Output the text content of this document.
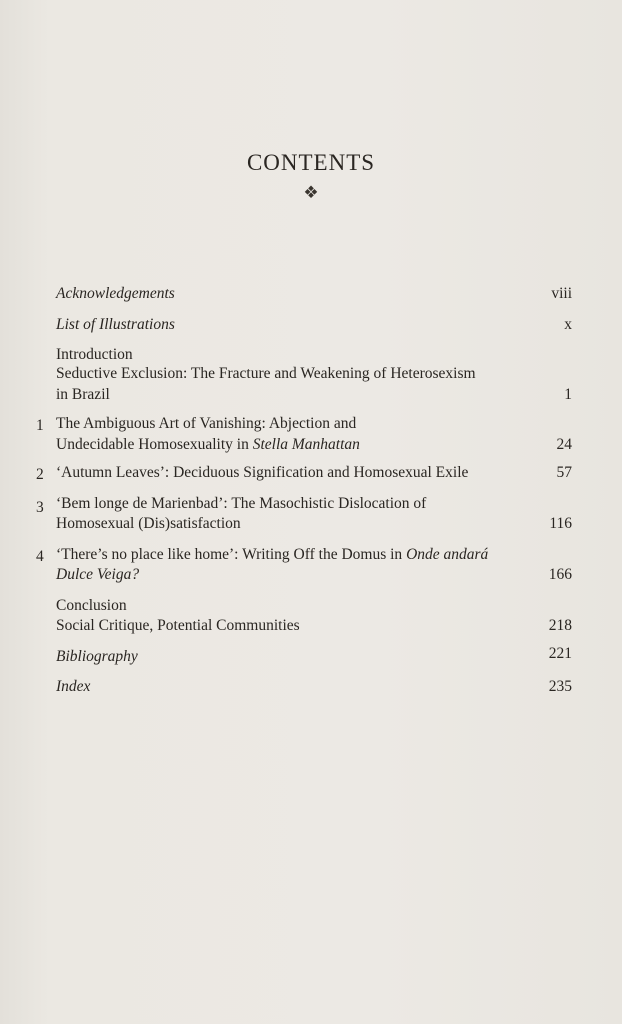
CONTENTS
❖
Acknowledgements	viii
List of Illustrations	x
Introduction
Seductive Exclusion: The Fracture and Weakening of Heterosexism
in Brazil	1
1 The Ambiguous Art of Vanishing: Abjection and
Undecidable Homosexuality in Stella Manhattan	24
2 ‘Autumn Leaves’: Deciduous Signification and Homosexual Exile	57
3 ‘Bem longe de Marienbad’: The Masochistic Dislocation of
Homosexual (Dis)satisfaction	116
4 ‘There’s no place like home’: Writing Off the Domus in Onde andará
Dulce Veiga?	166
Conclusion
Social Critique, Potential Communities	218
Bibliography	221
Index	235
